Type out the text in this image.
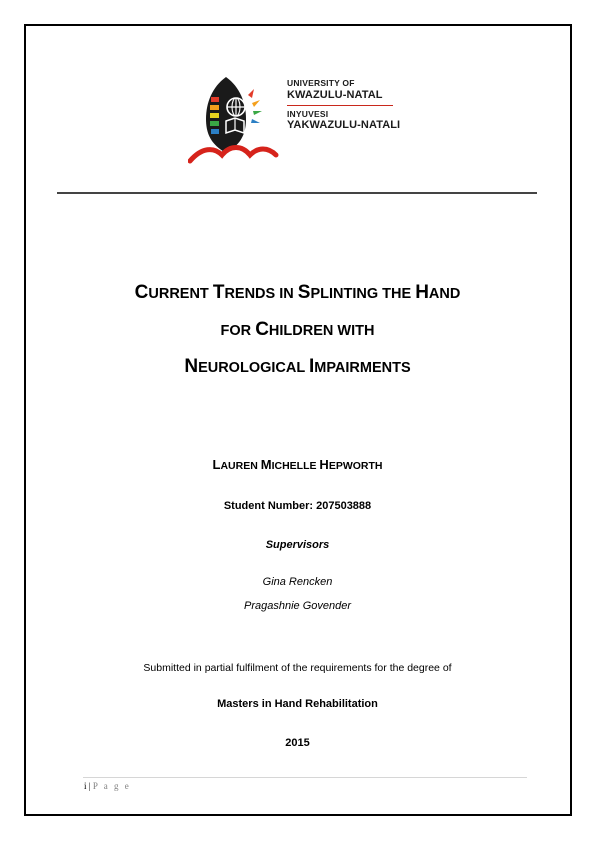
UNIVERSITY OF
KWAZULU-NATAL
INYUVESI
YAKWAZULU-NATALI
CURRENT TRENDS IN SPLINTING THE HAND
FOR CHILDREN WITH
NEUROLOGICAL IMPAIRMENTS
LAUREN MICHELLE HEPWORTH
Student Number: 207503888
Supervisors
Gina Rencken
Pragashnie Govender
Submitted in partial fulfilment of the requirements for the degree of
Masters in Hand Rehabilitation
2015
i | P a g e
